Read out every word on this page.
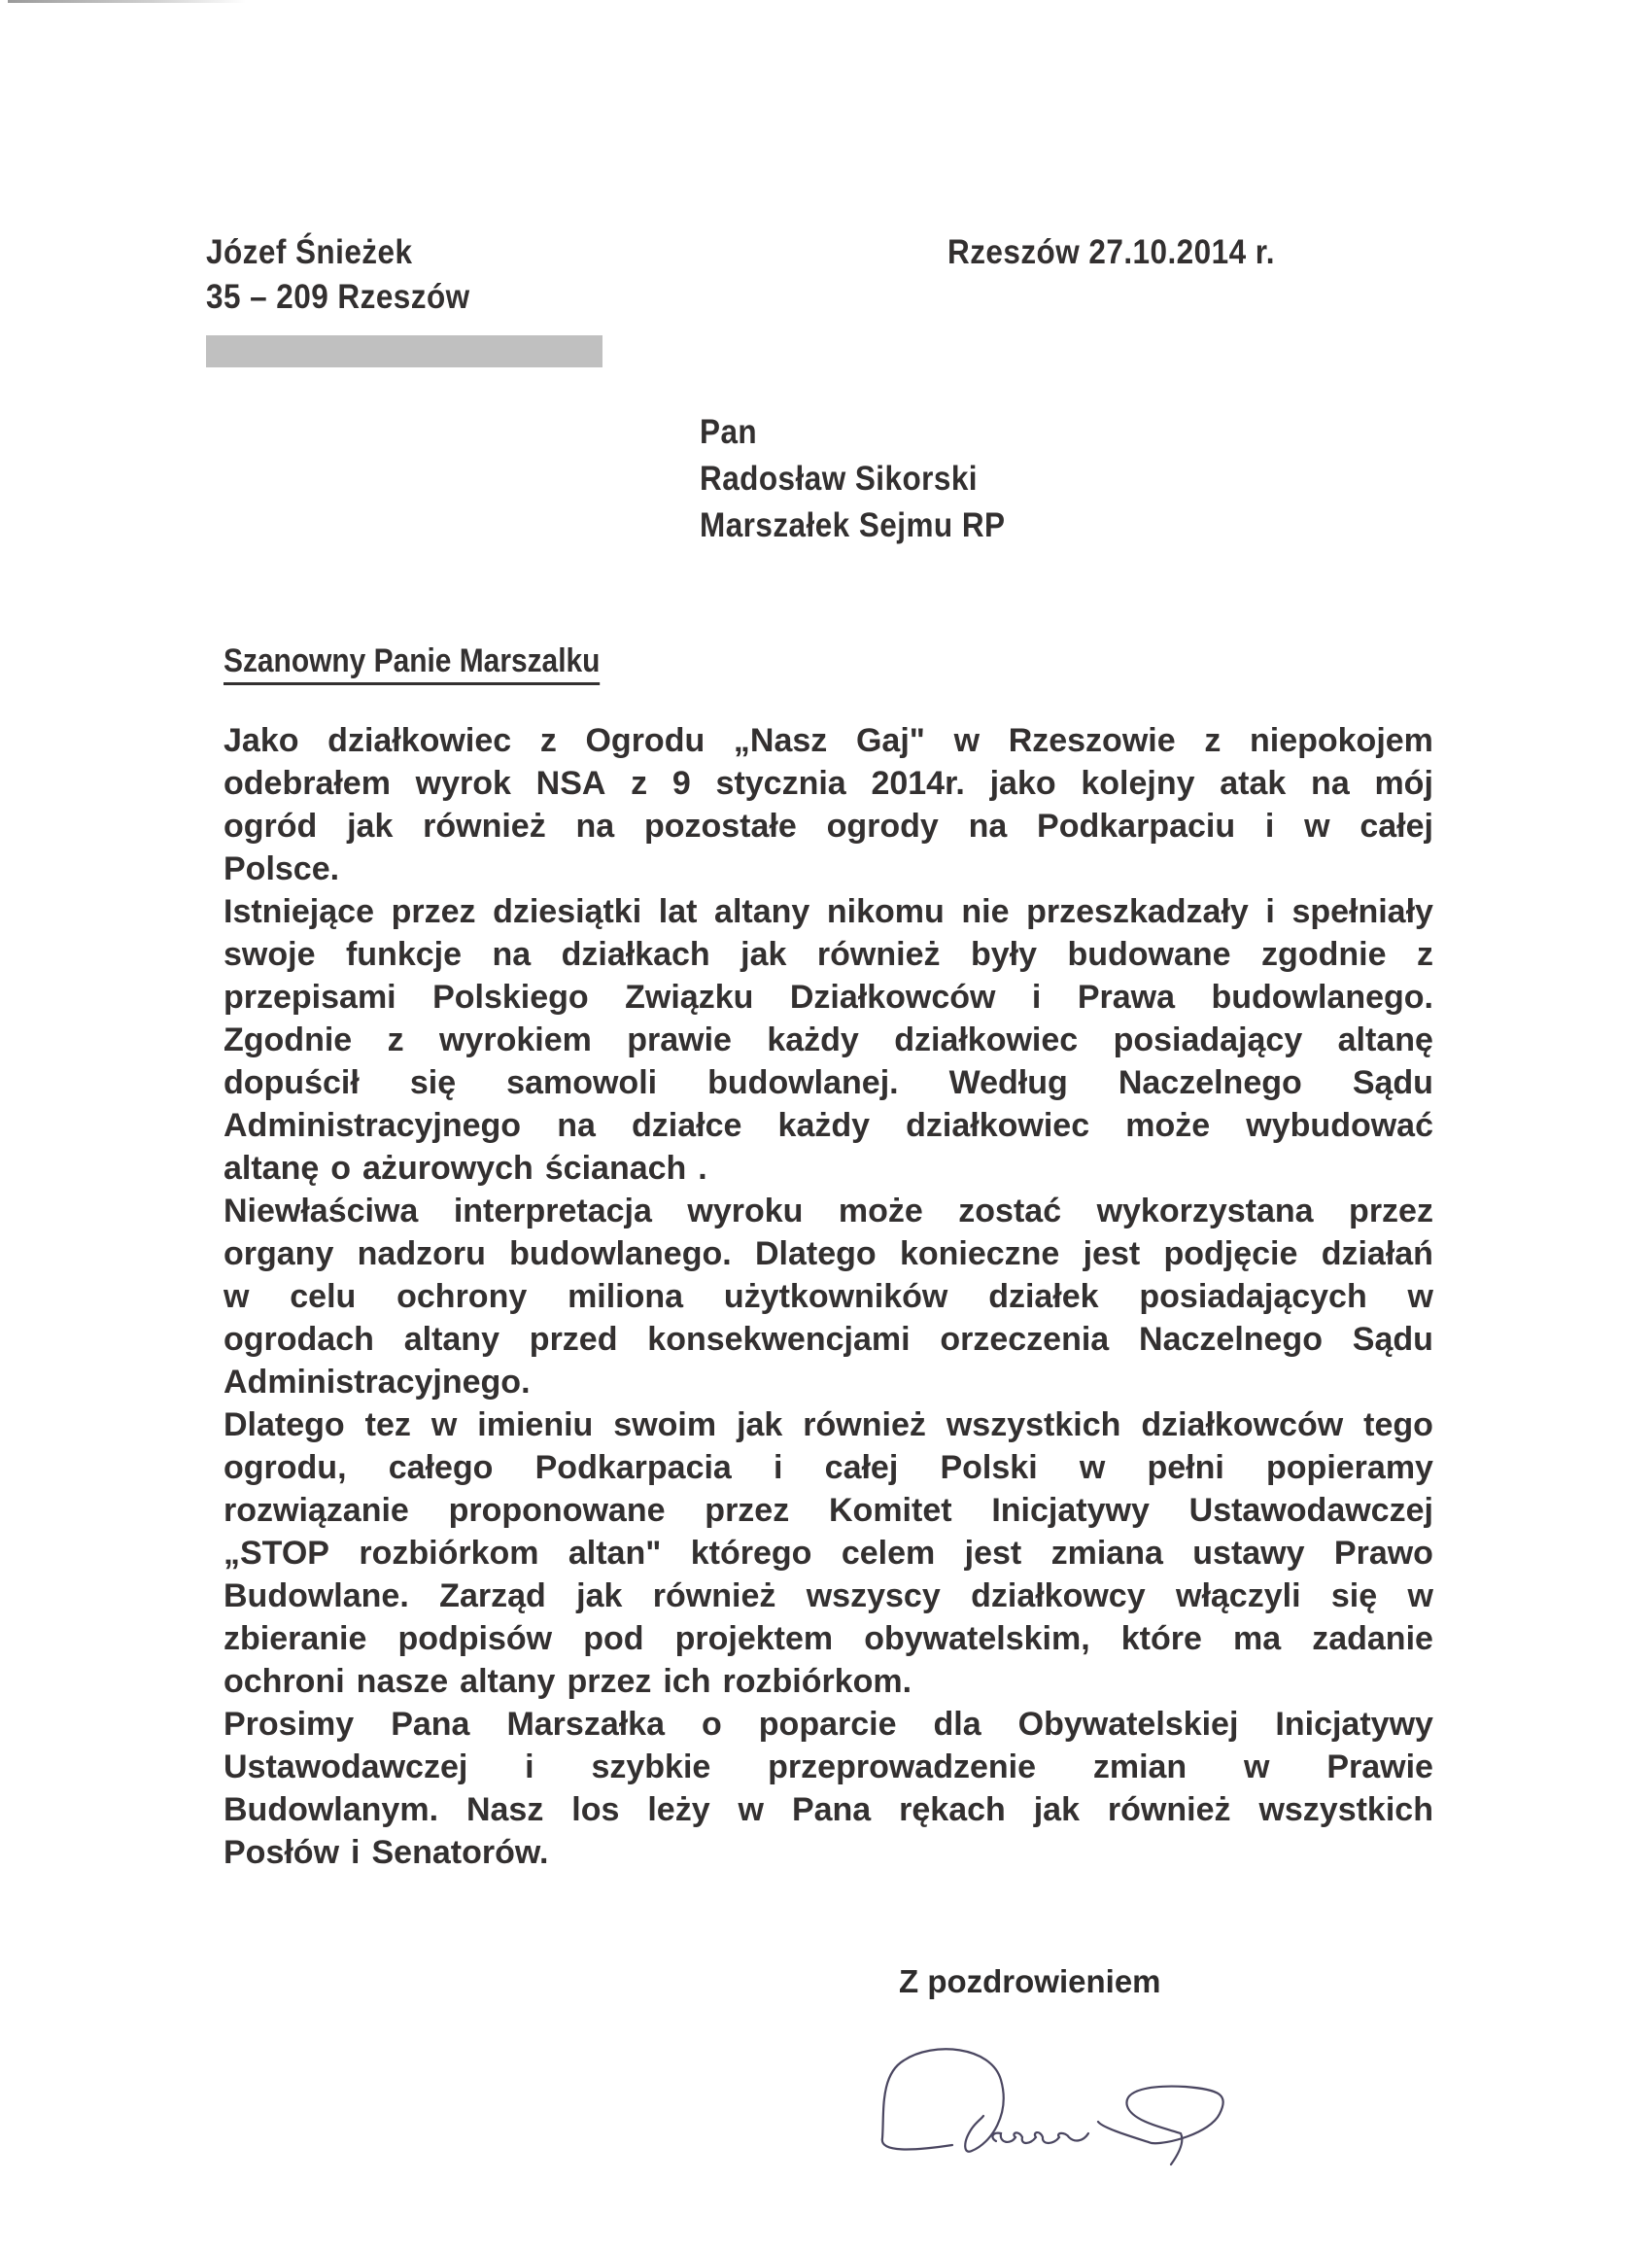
Józef Śnieżek
35 – 209 Rzeszów
Rzeszów 27.10.2014 r.
Pan
Radosław Sikorski
Marszałek Sejmu RP
Szanowny Panie Marszalku
Jako działkowiec z Ogrodu „Nasz Gaj" w Rzeszowie z niepokojem
odebrałem wyrok NSA z 9 stycznia 2014r. jako kolejny atak na mój
ogród jak również na pozostałe ogrody na Podkarpaciu i w całej
Polsce.
Istniejące przez dziesiątki lat altany nikomu nie przeszkadzały i spełniały
swoje funkcje na działkach jak również były budowane zgodnie z
przepisami Polskiego Związku Działkowców i Prawa budowlanego.
Zgodnie z wyrokiem prawie każdy działkowiec posiadający altanę
dopuścił się samowoli budowlanej. Według Naczelnego Sądu
Administracyjnego na działce każdy działkowiec może wybudować
altanę o ażurowych ścianach .
Niewłaściwa interpretacja wyroku może zostać wykorzystana przez
organy nadzoru budowlanego. Dlatego konieczne jest podjęcie działań
w celu ochrony miliona użytkowników działek posiadających w
ogrodach altany przed konsekwencjami orzeczenia Naczelnego Sądu
Administracyjnego.
Dlatego tez w imieniu swoim jak również wszystkich działkowców tego
ogrodu, całego Podkarpacia i całej Polski w pełni popieramy
rozwiązanie proponowane przez Komitet Inicjatywy Ustawodawczej
„STOP rozbiórkom altan" którego celem jest zmiana ustawy Prawo
Budowlane. Zarząd jak również wszyscy działkowcy włączyli się w
zbieranie podpisów pod projektem obywatelskim, które ma zadanie
ochroni nasze altany przez ich rozbiórkom.
Prosimy Pana Marszałka o poparcie dla Obywatelskiej Inicjatywy
Ustawodawczej i szybkie przeprowadzenie zmian w Prawie
Budowlanym. Nasz los leży w Pana rękach jak również wszystkich
Posłów i Senatorów.
Z pozdrowieniem
